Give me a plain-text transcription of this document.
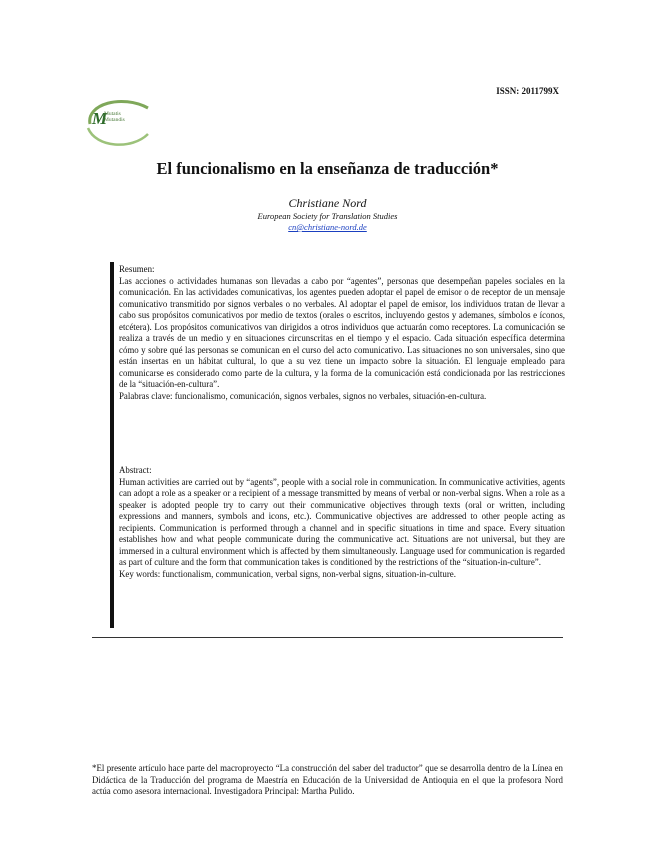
ISSN: 2011799X
M
Mutatis
Mutandis
El funcionalismo en la enseñanza de traducción*
Christiane Nord
European Society for Translation Studies
cn@christiane-nord.de
Resumen:
Las acciones o actividades humanas son llevadas a cabo por “agentes”, personas que desempeñan papeles sociales en la comunicación. En las actividades comunicativas, los agentes pueden adoptar el papel de emisor o de receptor de un mensaje comunicativo transmitido por signos verbales o no verbales. Al adoptar el papel de emisor, los individuos tratan de llevar a cabo sus propósitos comunicativos por medio de textos (orales o escritos, incluyendo gestos y ademanes, símbolos e íconos, etcétera). Los propósitos comunicativos van dirigidos a otros individuos que actuarán como receptores. La comunicación se realiza a través de un medio y en situaciones circunscritas en el tiempo y el espacio. Cada situación específica determina cómo y sobre qué las personas se comunican en el curso del acto comunicativo. Las situaciones no son universales, sino que están insertas en un hábitat cultural, lo que a su vez tiene un impacto sobre la situación. El lenguaje empleado para comunicarse es considerado como parte de la cultura, y la forma de la comunicación está condicionada por las restricciones de la “situación-en-cultura”.
Palabras clave: funcionalismo, comunicación, signos verbales, signos no verbales, situación-en-cultura.
Abstract:
Human activities are carried out by “agents”, people with a social role in communication. In communicative activities, agents can adopt a role as a speaker or a recipient of a message transmitted by means of verbal or non-verbal signs. When a role as a speaker is adopted people try to carry out their communicative objectives through texts (oral or written, including expressions and manners, symbols and icons, etc.). Communicative objectives are addressed to other people acting as recipients. Communication is performed through a channel and in specific situations in time and space. Every situation establishes how and what people communicate during the communicative act. Situations are not universal, but they are immersed in a cultural environment which is affected by them simultaneously. Language used for communication is regarded as part of culture and the form that communication takes is conditioned by the restrictions of the “situation-in-culture”.
Key words: functionalism, communication, verbal signs, non-verbal signs, situation-in-culture.
*El presente artículo hace parte del macroproyecto “La construcción del saber del traductor” que se desarrolla dentro de la Línea en Didáctica de la Traducción del programa de Maestría en Educación de la Universidad de Antioquia en el que la profesora Nord actúa como asesora internacional. Investigadora Principal: Martha Pulido.
